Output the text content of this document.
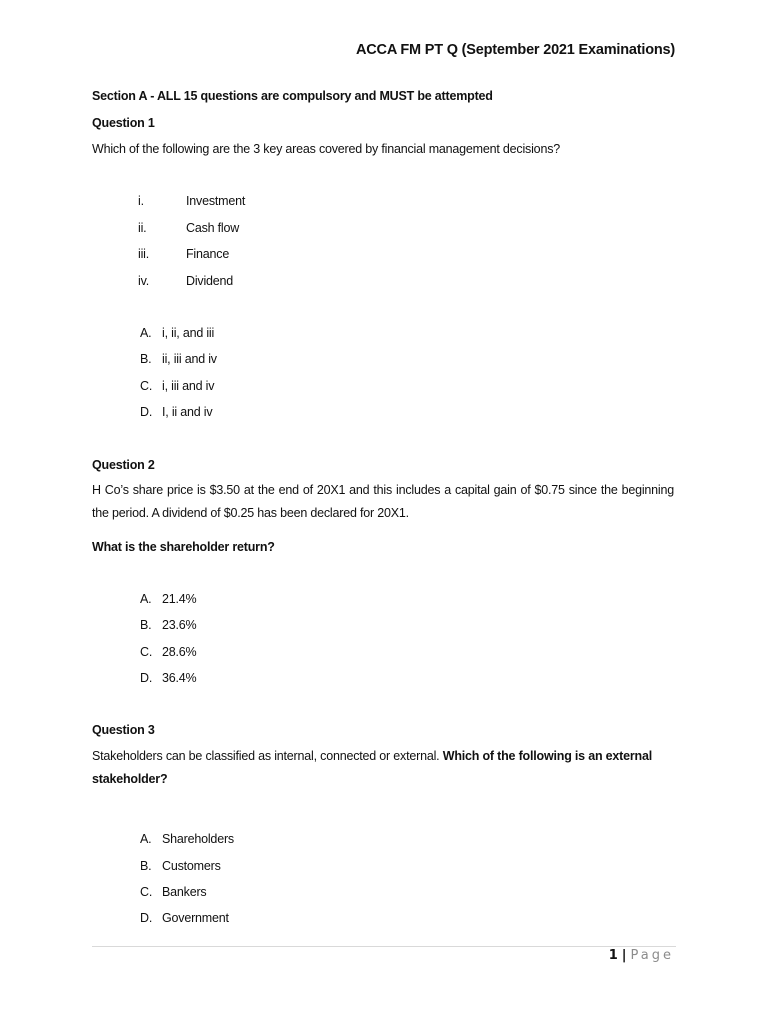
ACCA FM PT Q (September 2021 Examinations)
Section A - ALL 15 questions are compulsory and MUST be attempted
Question 1
Which of the following are the 3 key areas covered by financial management decisions?
i.	Investment
ii.	Cash flow
iii.	Finance
iv.	Dividend
A. i, ii, and iii
B. ii, iii and iv
C. i, iii and iv
D. I, ii and iv
Question 2
H Co’s share price is $3.50 at the end of 20X1 and this includes a capital gain of $0.75 since the beginning the period. A dividend of $0.25 has been declared for 20X1.
What is the shareholder return?
A. 21.4%
B. 23.6%
C. 28.6%
D. 36.4%
Question 3
Stakeholders can be classified as internal, connected or external. Which of the following is an external stakeholder?
A. Shareholders
B. Customers
C. Bankers
D. Government
1 | Page
